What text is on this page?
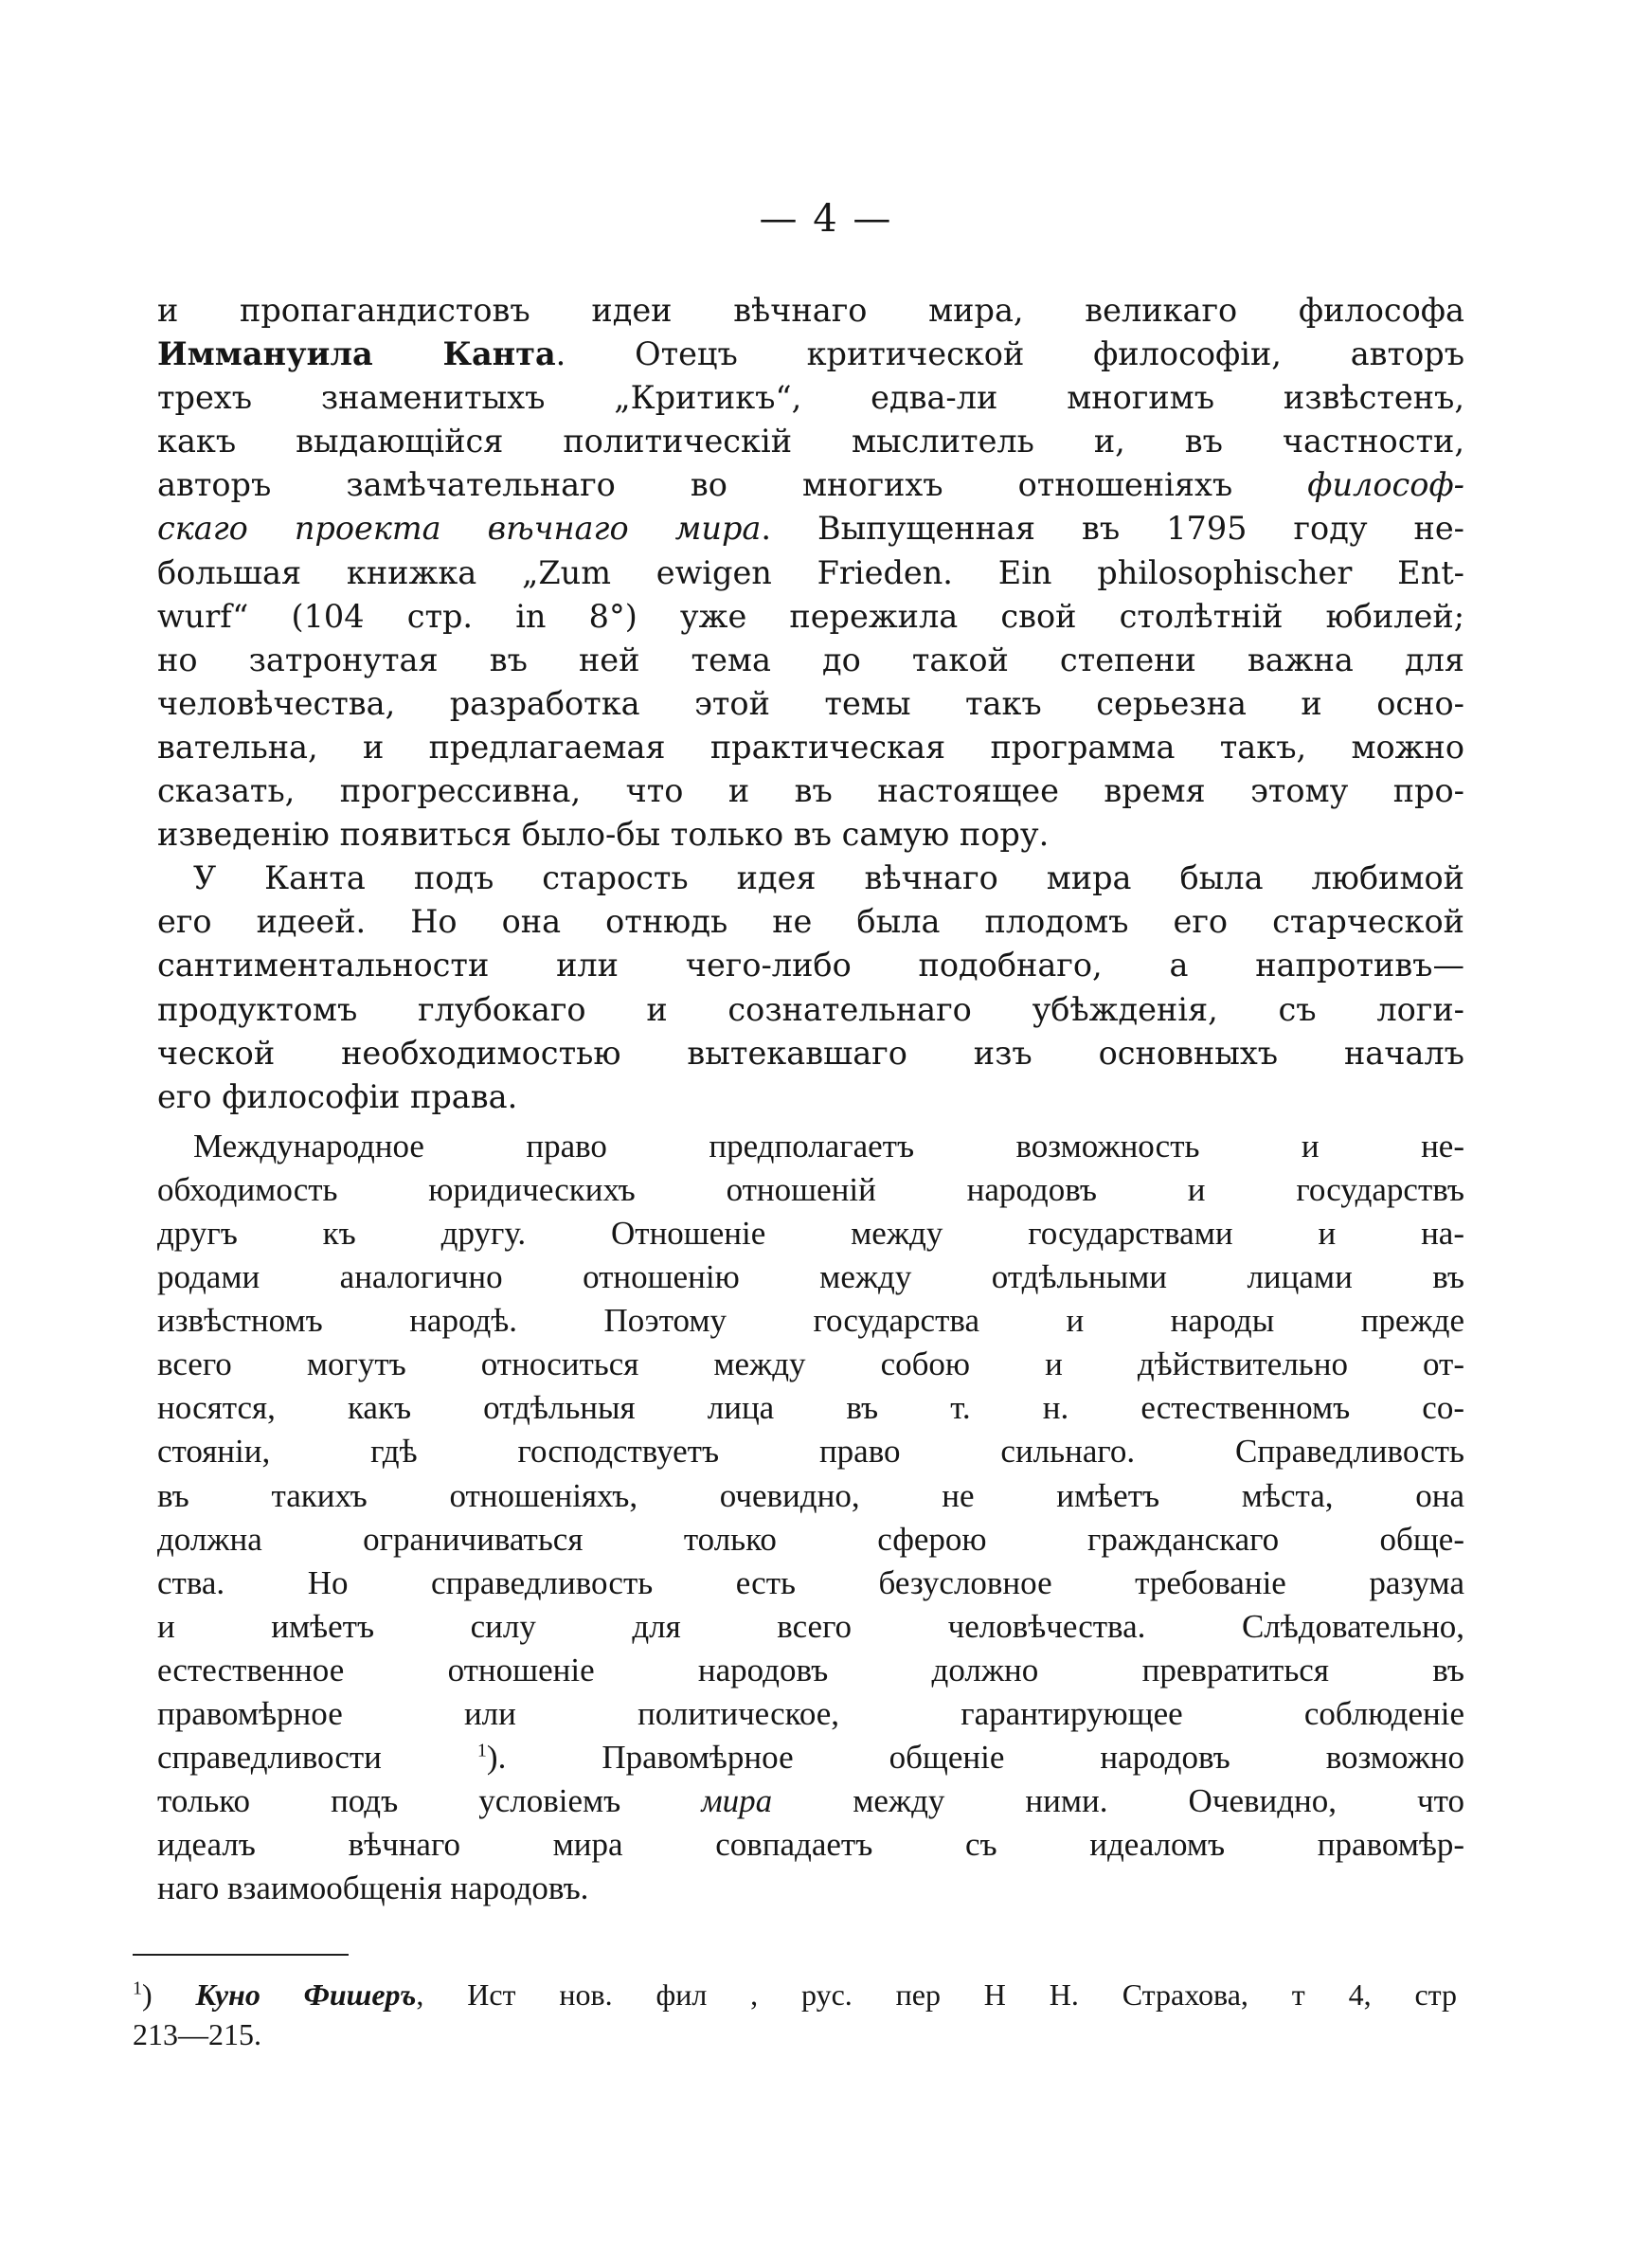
— 4 —
и пропагандистовъ идеи вѣчнаго мира, великаго философа
Иммануила Канта. Отецъ критической философіи, авторъ
трехъ знаменитыхъ „Критикъ“, едва-ли многимъ извѣстенъ,
какъ выдающійся политическій мыслитель и, въ частности,
авторъ замѣчательнаго во многихъ отношеніяхъ философ-
скаго проекта вѣчнаго мира. Выпущенная въ 1795 году не-
большая книжка „Zum ewigen Frieden. Ein philosophischer Ent-
wurf“ (104 стр. in 8°) уже пережила свой столѣтній юбилей;
но затронутая въ ней тема до такой степени важна для
человѣчества, разработка этой темы такъ серьезна и осно-
вательна, и предлагаемая практическая программа такъ, можно
сказать, прогрессивна, что и въ настоящее время этому про-
изведенію появиться было-бы только въ самую пору.
У Канта подъ старость идея вѣчнаго мира была любимой
его идеей. Но она отнюдь не была плодомъ его старческой
сантиментальности или чего-либо подобнаго, а напротивъ—
продуктомъ глубокаго и сознательнаго убѣжденія, съ логи-
ческой необходимостью вытекавшаго изъ основныхъ началъ
его философіи права.
Международное право предполагаетъ возможность и не-
обходимость юридическихъ отношеній народовъ и государствъ
другъ къ другу. Отношеніе между государствами и на-
родами аналогично отношенію между отдѣльными лицами въ
извѣстномъ народѣ. Поэтому государства и народы прежде
всего могутъ относиться между собою и дѣйствительно от-
носятся, какъ отдѣльныя лица въ т. н. естественномъ со-
стояніи, гдѣ господствуетъ право сильнаго. Справедливость
въ такихъ отношеніяхъ, очевидно, не имѣетъ мѣста, она
должна ограничиваться только сферою гражданскаго обще-
ства. Но справедливость есть безусловное требованіе разума
и имѣетъ силу для всего человѣчества. Слѣдовательно,
естественное отношеніе народовъ должно превратиться въ
правомѣрное или политическое, гарантирующее соблюденіе
справедливости $^1$). Правомѣрное общеніе народовъ возможно
только подъ условіемъ мира между ними. Очевидно, что
идеалъ вѣчнаго мира совпадаетъ съ идеаломъ правомѣр-
наго взаимообщенія народовъ.
$^1$) Куно Фишеръ, Ист нов. фил , рус. пер Н Н. Страхова, т 4, стр
213—215.
